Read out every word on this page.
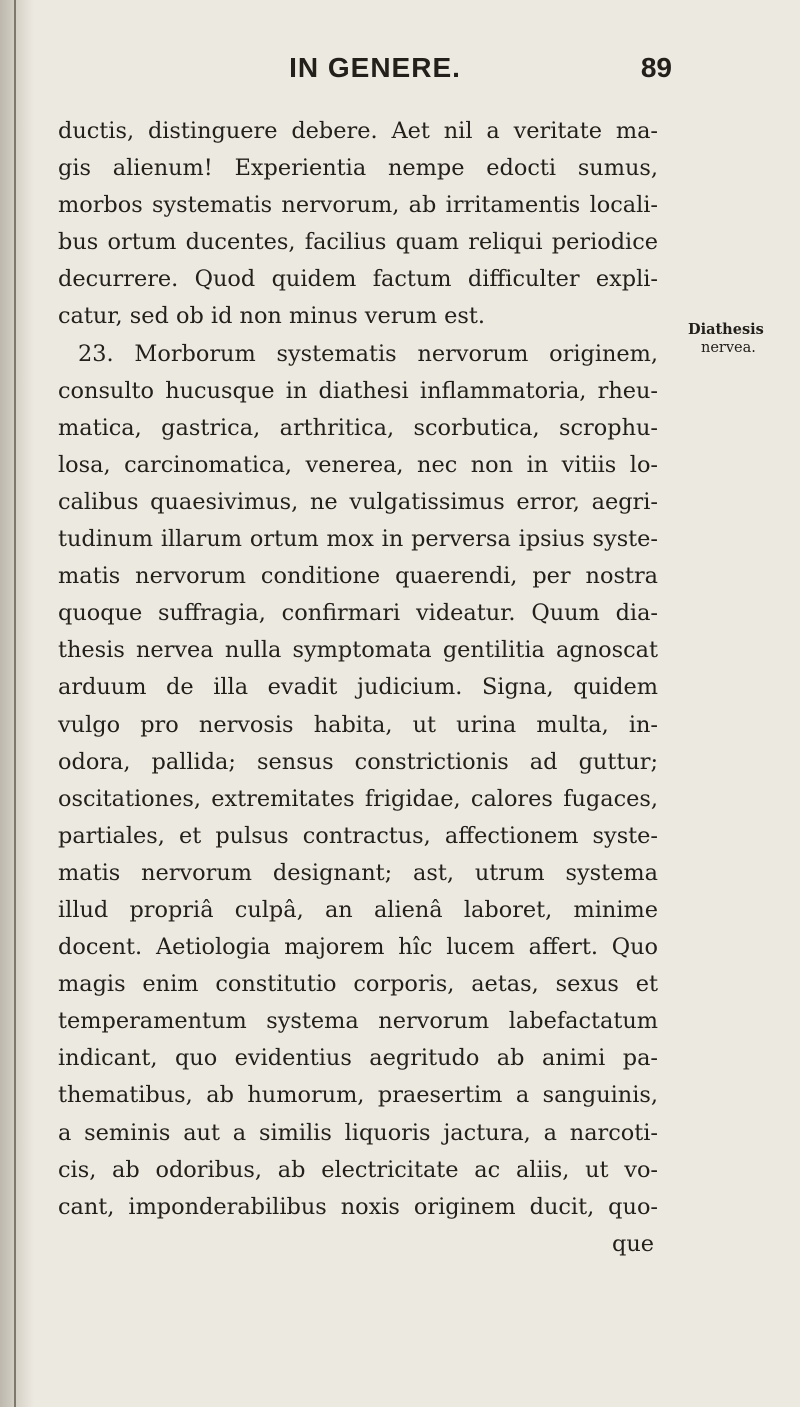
IN GENERE.	89
Diathesis
nervea.
ductis, distinguere debere. Aet nil a veritate ma-
gis alienum! Experientia nempe edocti sumus,
morbos systematis nervorum, ab irritamentis locali-
bus ortum ducentes, facilius quam reliqui periodice
decurrere. Quod quidem factum difficulter expli-
catur, sed ob id non minus verum est.
23. Morborum systematis nervorum originem,
consulto hucusque in diathesi inflammatoria, rheu-
matica, gastrica, arthritica, scorbutica, scrophu-
losa, carcinomatica, venerea, nec non in vitiis lo-
calibus quaesivimus, ne vulgatissimus error, aegri-
tudinum illarum ortum mox in perversa ipsius syste-
matis nervorum conditione quaerendi, per nostra
quoque suffragia, confirmari videatur. Quum dia-
thesis nervea nulla symptomata gentilitia agnoscat
arduum de illa evadit judicium. Signa, quidem
vulgo pro nervosis habita, ut urina multa, in-
odora, pallida; sensus constrictionis ad guttur;
oscitationes, extremitates frigidae, calores fugaces,
partiales, et pulsus contractus, affectionem syste-
matis nervorum designant; ast, utrum systema
illud propriâ culpâ, an alienâ laboret, minime
docent. Aetiologia majorem hîc lucem affert. Quo
magis enim constitutio corporis, aetas, sexus et
temperamentum systema nervorum labefactatum
indicant, quo evidentius aegritudo ab animi pa-
thematibus, ab humorum, praesertim a sanguinis,
a seminis aut a similis liquoris jactura, a narcoti-
cis, ab odoribus, ab electricitate ac aliis, ut vo-
cant, imponderabilibus noxis originem ducit, quo-
que
